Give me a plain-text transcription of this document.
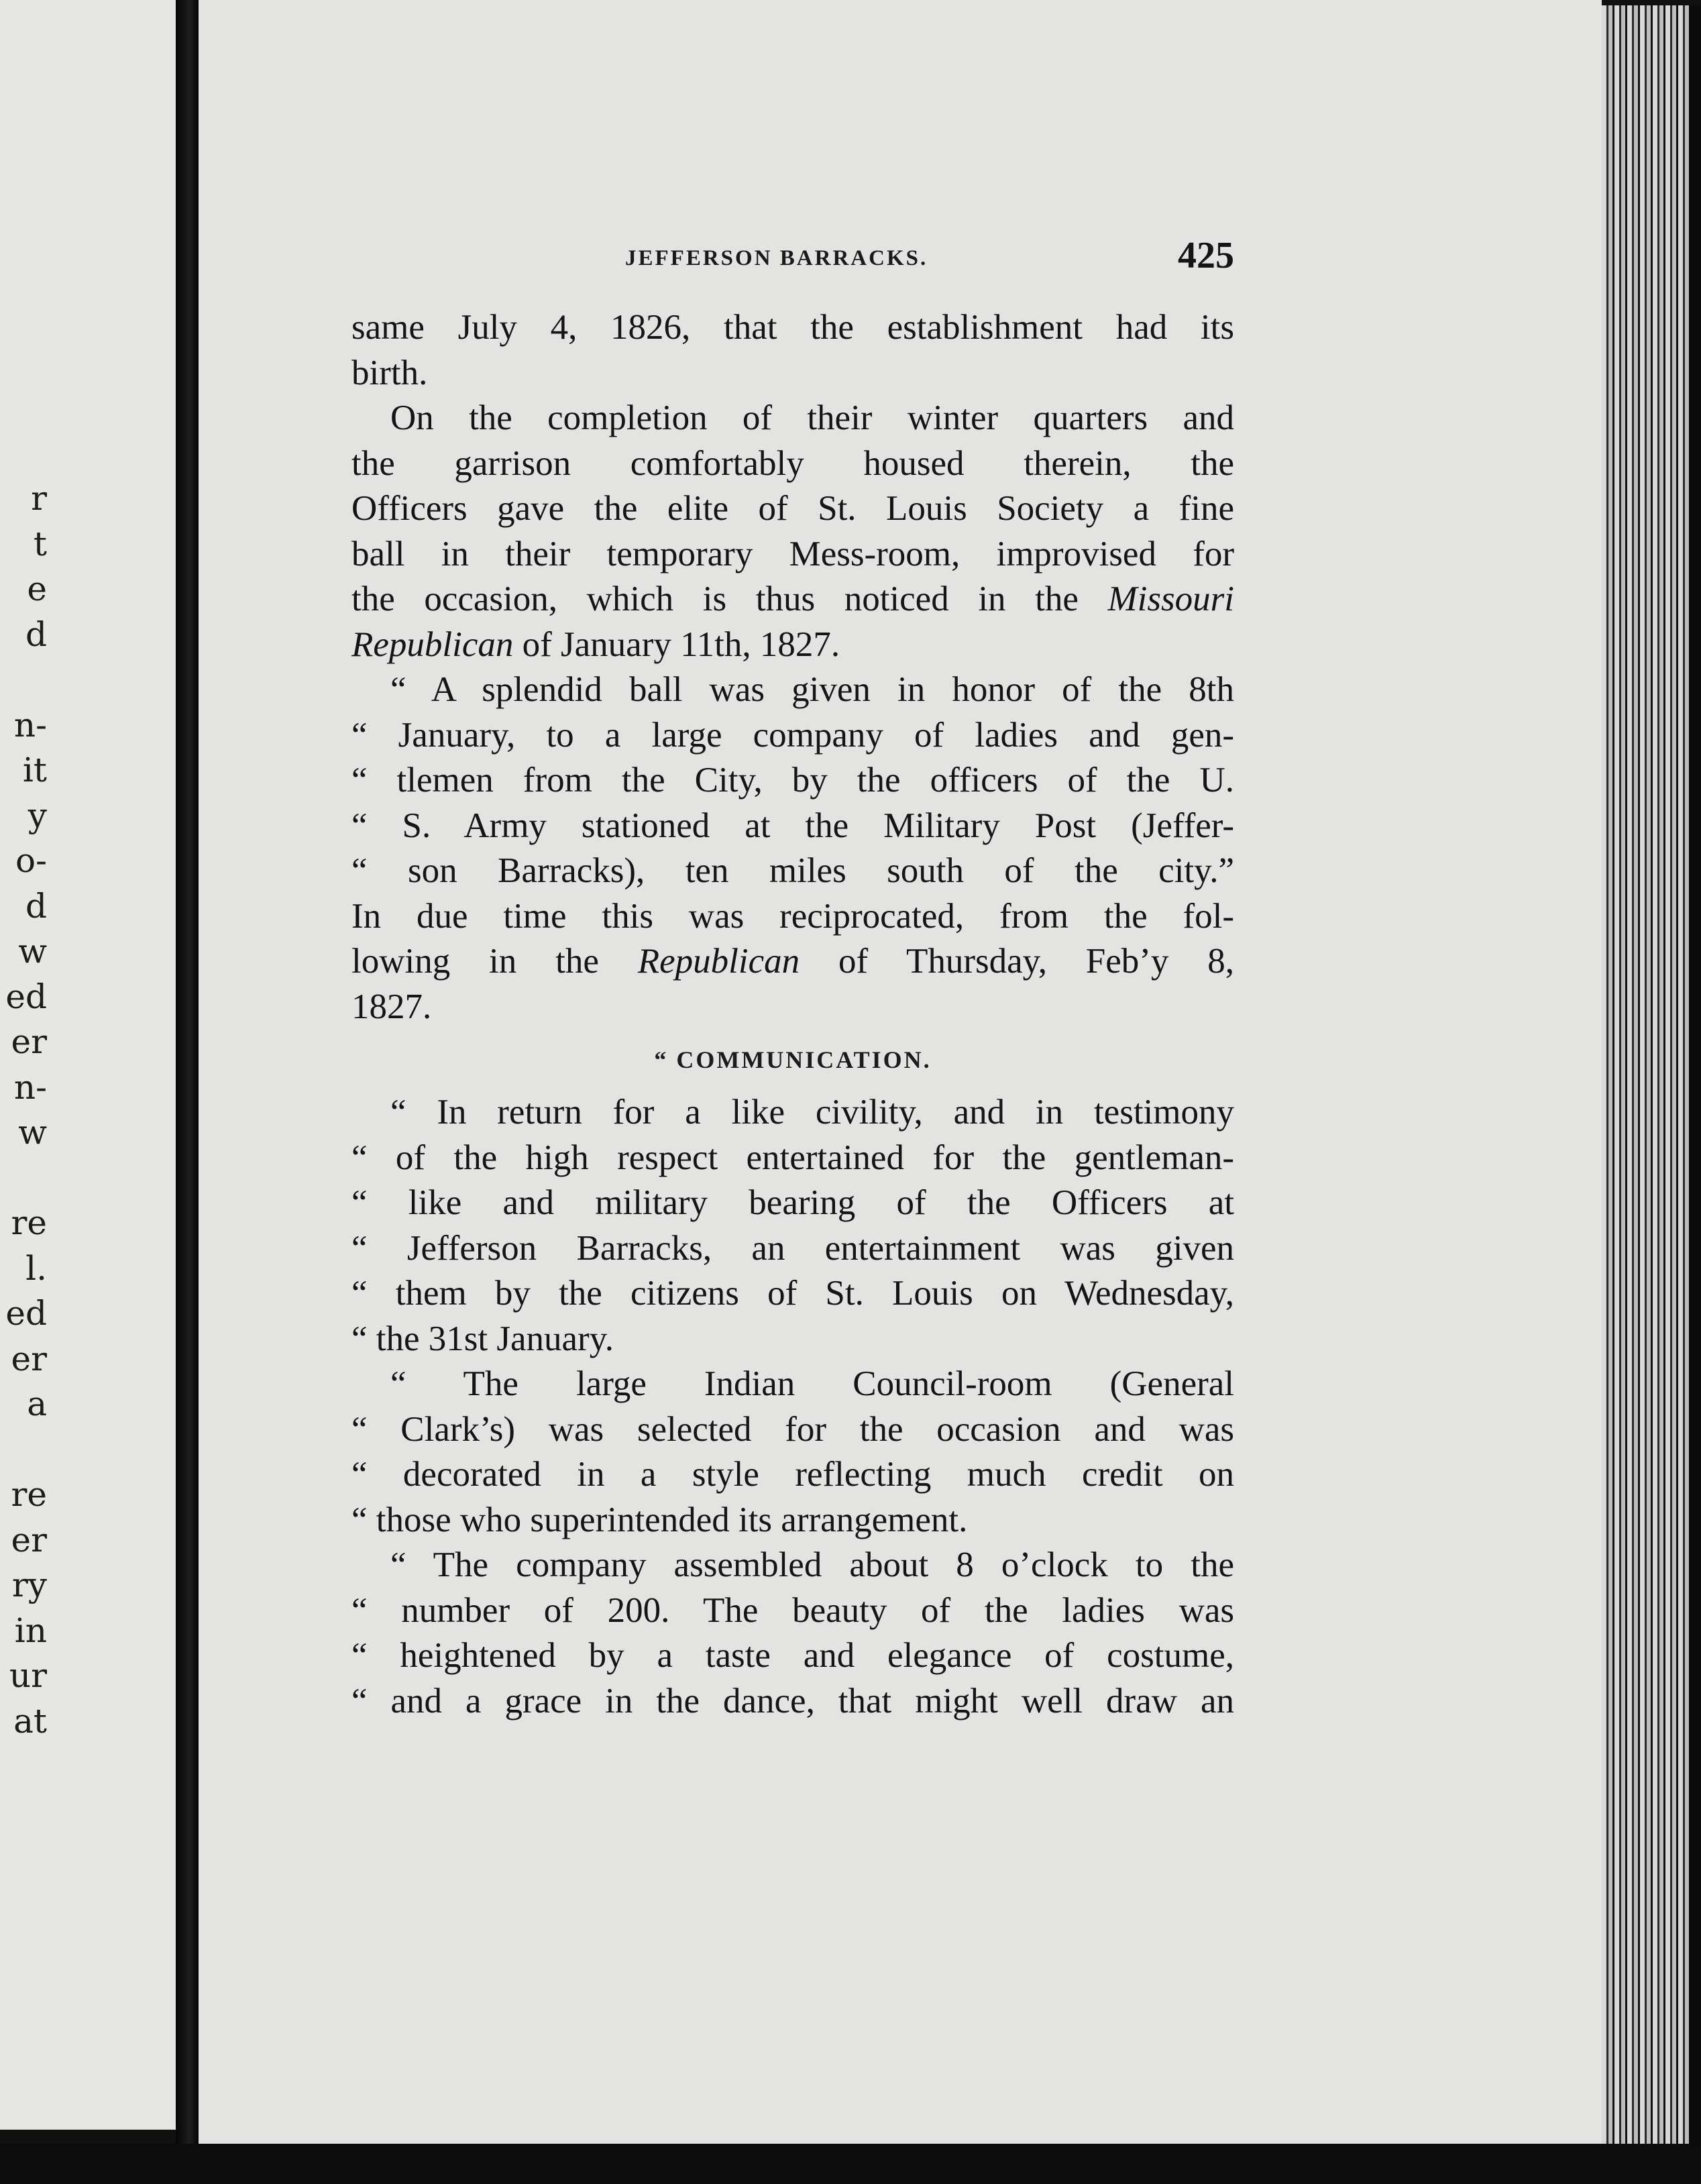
r
t
e
d
n-
it
y
o-
d
w
ed
er
n-
w
re
l.
ed
er
a
re
er
ry
in
ur
at
JEFFERSON BARRACKS.	425
same July 4, 1826, that the establishment had its
birth.
On the completion of their winter quarters and
the garrison comfortably housed therein, the
Officers gave the elite of St. Louis Society a fine
ball in their temporary Mess-room, improvised for
the occasion, which is thus noticed in the Missouri
Republican of January 11th, 1827.
“ A splendid ball was given in honor of the 8th
“ January, to a large company of ladies and gen-
“ tlemen from the City, by the officers of the U.
“ S. Army stationed at the Military Post (Jeffer-
“ son Barracks), ten miles south of the city.”
In due time this was reciprocated, from the fol-
lowing in the Republican of Thursday, Feb’y 8,
1827.
“ COMMUNICATION.
“ In return for a like civility, and in testimony
“ of the high respect entertained for the gentleman-
“ like and military bearing of the Officers at
“ Jefferson Barracks, an entertainment was given
“ them by the citizens of St. Louis on Wednesday,
“ the 31st January.
“ The large Indian Council-room (General
“ Clark’s) was selected for the occasion and was
“ decorated in a style reflecting much credit on
“ those who superintended its arrangement.
“ The company assembled about 8 o’clock to the
“ number of 200. The beauty of the ladies was
“ heightened by a taste and elegance of costume,
“ and a grace in the dance, that might well draw an
